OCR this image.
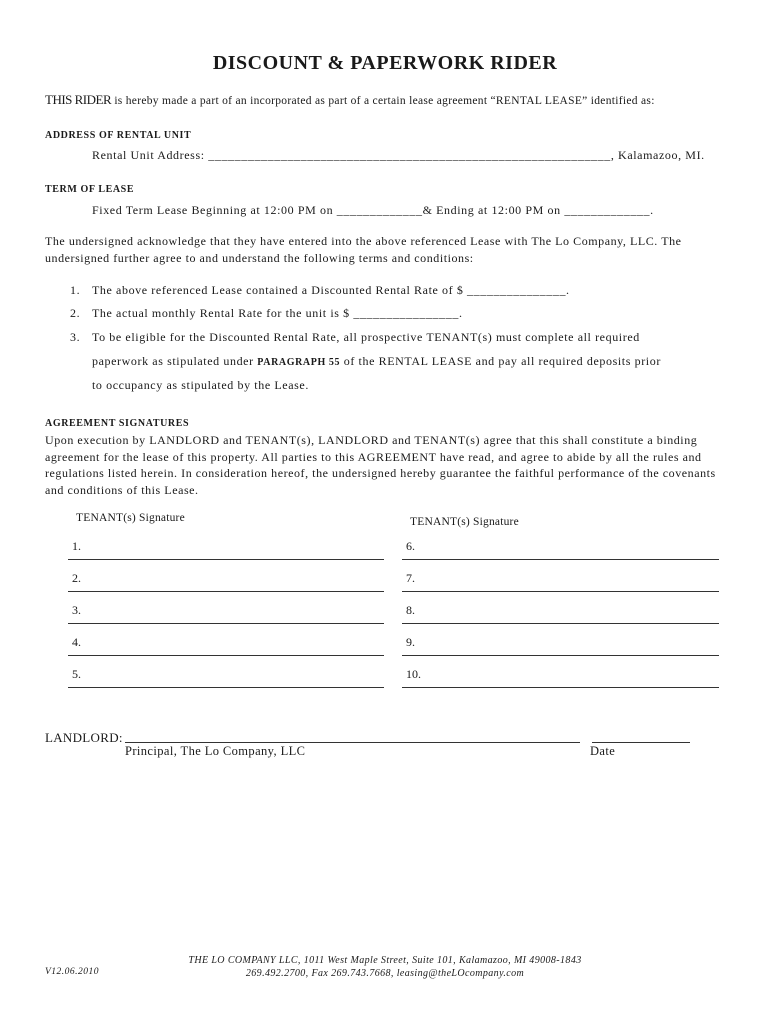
DISCOUNT & PAPERWORK RIDER
THIS RIDER is hereby made a part of an incorporated as part of a certain lease agreement “RENTAL LEASE” identified as:
ADDRESS OF RENTAL UNIT
Rental Unit Address: _____________________________________________________________, Kalamazoo, MI.
TERM OF LEASE
Fixed Term Lease Beginning at 12:00 PM on _____________& Ending at 12:00 PM on _____________.

The undersigned acknowledge that they have entered into the above referenced Lease with The Lo Company, LLC. The undersigned further agree to and understand the following terms and conditions:

1. The above referenced Lease contained a Discounted Rental Rate of $ _______________.
2. The actual monthly Rental Rate for the unit is $ ________________.
3. To be eligible for the Discounted Rental Rate, all prospective TENANT(s) must complete all required
paperwork as stipulated under PARAGRAPH 55 of the RENTAL LEASE and pay all required deposits prior
to occupancy as stipulated by the Lease.
AGREEMENT SIGNATURES

Upon execution by LANDLORD and TENANT(s), LANDLORD and TENANT(s) agree that this shall constitute a binding agreement for the lease of this property. All parties to this AGREEMENT have read, and agree to abide by all the rules and regulations listed herein. In consideration hereof, the undersigned hereby guarantee the faithful performance of the covenants and conditions of this Lease.

TENANT(s) Signature	TENANT(s) Signature
1.
2.
3.
4.
5.
6.
7.
8.
9.
10.
LANDLORD:
Principal, The Lo Company, LLC	Date
THE LO COMPANY LLC, 1011 West Maple Street, Suite 101, Kalamazoo, MI 49008-1843
269.492.2700, Fax 269.743.7668, leasing@theLOcompany.com
V12.06.2010
